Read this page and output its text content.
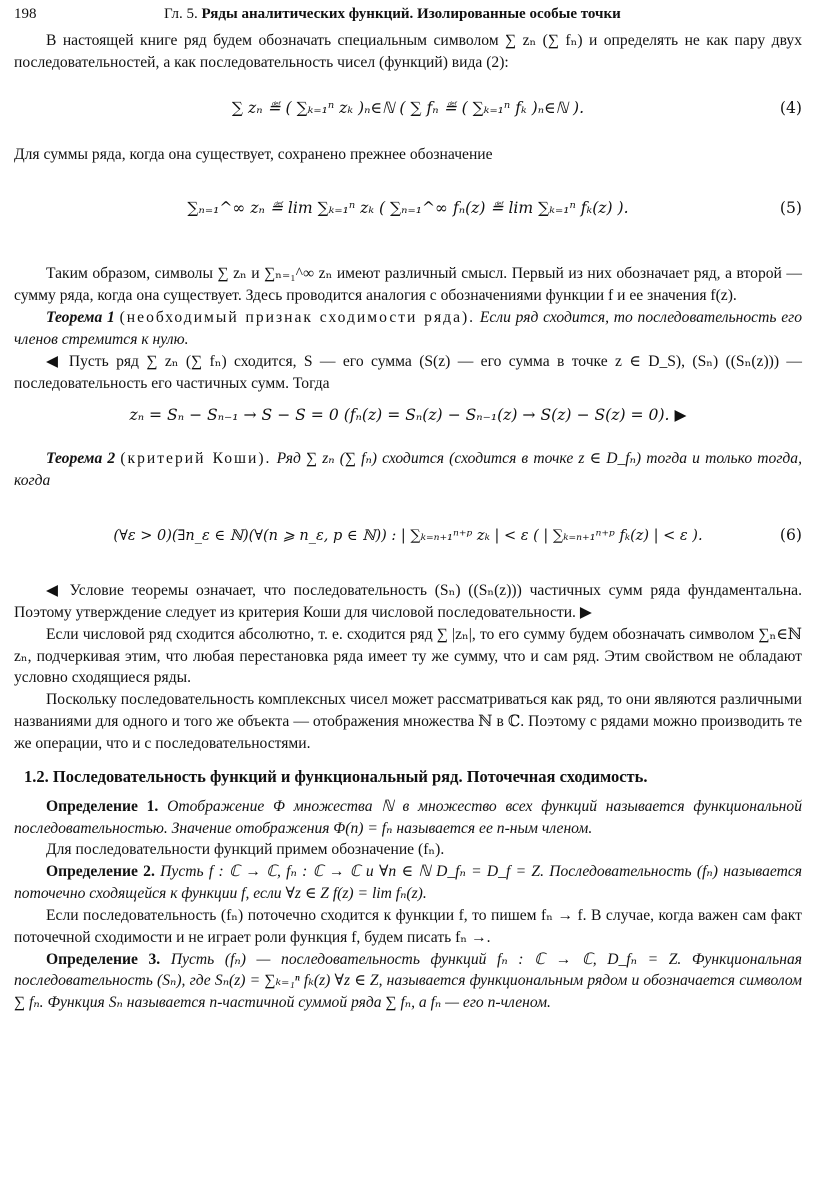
198	Гл. 5. Ряды аналитических функций. Изолированные особые точки

В настоящей книге ряд будем обозначать специальным символом ∑ zₙ (∑ fₙ) и определять не как пару двух последовательностей, а как последовательность чисел (функций) вида (2):

∑ zₙ ≝ ( ∑ₖ₌₁ⁿ zₖ )ₙ∈ℕ ( ∑ fₙ ≝ ( ∑ₖ₌₁ⁿ fₖ )ₙ∈ℕ ).	(4)

Для суммы ряда, когда она существует, сохранено прежнее обозначение

∑ₙ₌₁^∞ zₙ ≝ lim ∑ₖ₌₁ⁿ zₖ ( ∑ₙ₌₁^∞ fₙ(z) ≝ lim ∑ₖ₌₁ⁿ fₖ(z) ).	(5)

Таким образом, символы ∑ zₙ и ∑ₙ₌₁^∞ zₙ имеют различный смысл. Первый из них обозначает ряд, а второй — сумму ряда, когда она существует. Здесь проводится аналогия с обозначениями функции f и ее значения f(z).

Теорема 1 (необходимый признак сходимости ряда). Если ряд сходится, то последовательность его членов стремится к нулю.

◀ Пусть ряд ∑ zₙ (∑ fₙ) сходится, S — его сумма (S(z) — его сумма в точке z ∈ D_S), (Sₙ) ((Sₙ(z))) — последовательность его частичных сумм. Тогда

zₙ = Sₙ − Sₙ₋₁ → S − S = 0 (fₙ(z) = Sₙ(z) − Sₙ₋₁(z) → S(z) − S(z) = 0). ▶

Теорема 2 (критерий Коши). Ряд ∑ zₙ (∑ fₙ) сходится (сходится в точке z ∈ D_fₙ) тогда и только тогда, когда

(∀ε > 0)(∃n_ε ∈ ℕ)(∀(n ⩾ n_ε, p ∈ ℕ)) : | ∑ₖ₌ₙ₊₁ⁿ⁺ᵖ zₖ | < ε ( | ∑ₖ₌ₙ₊₁ⁿ⁺ᵖ fₖ(z) | < ε ).	(6)

◀ Условие теоремы означает, что последовательность (Sₙ) ((Sₙ(z))) частичных сумм ряда фундаментальна. Поэтому утверждение следует из критерия Коши для числовой последовательности. ▶

Если числовой ряд сходится абсолютно, т. е. сходится ряд ∑ |zₙ|, то его сумму будем обозначать символом ∑ₙ∈ℕ zₙ, подчеркивая этим, что любая перестановка ряда имеет ту же сумму, что и сам ряд. Этим свойством не обладают условно сходящиеся ряды.

Поскольку последовательность комплексных чисел может рассматриваться как ряд, то они являются различными названиями для одного и того же объекта — отображения множества ℕ в ℂ. Поэтому с рядами можно производить те же операции, что и с последовательностями.

1.2. Последовательность функций и функциональный ряд. Поточечная сходимость.

Определение 1. Отображение Φ множества ℕ в множество всех функций называется функциональной последовательностью. Значение отображения Φ(n) = fₙ называется ее n-ным членом.

Для последовательности функций примем обозначение (fₙ).

Определение 2. Пусть f : ℂ → ℂ, fₙ : ℂ → ℂ и ∀n ∈ ℕ D_fₙ = D_f = Z. Последовательность (fₙ) называется поточечно сходящейся к функции f, если ∀z ∈ Z f(z) = lim fₙ(z).

Если последовательность (fₙ) поточечно сходится к функции f, то пишем fₙ → f. В случае, когда важен сам факт поточечной сходимости и не играет роли функция f, будем писать fₙ →.

Определение 3. Пусть (fₙ) — последовательность функций fₙ : ℂ → ℂ, D_fₙ = Z. Функциональная последовательность (Sₙ), где Sₙ(z) = ∑ₖ₌₁ⁿ fₖ(z) ∀z ∈ Z, называется функциональным рядом и обозначается символом ∑ fₙ. Функция Sₙ называется n-частичной суммой ряда ∑ fₙ, а fₙ — его n-членом.
